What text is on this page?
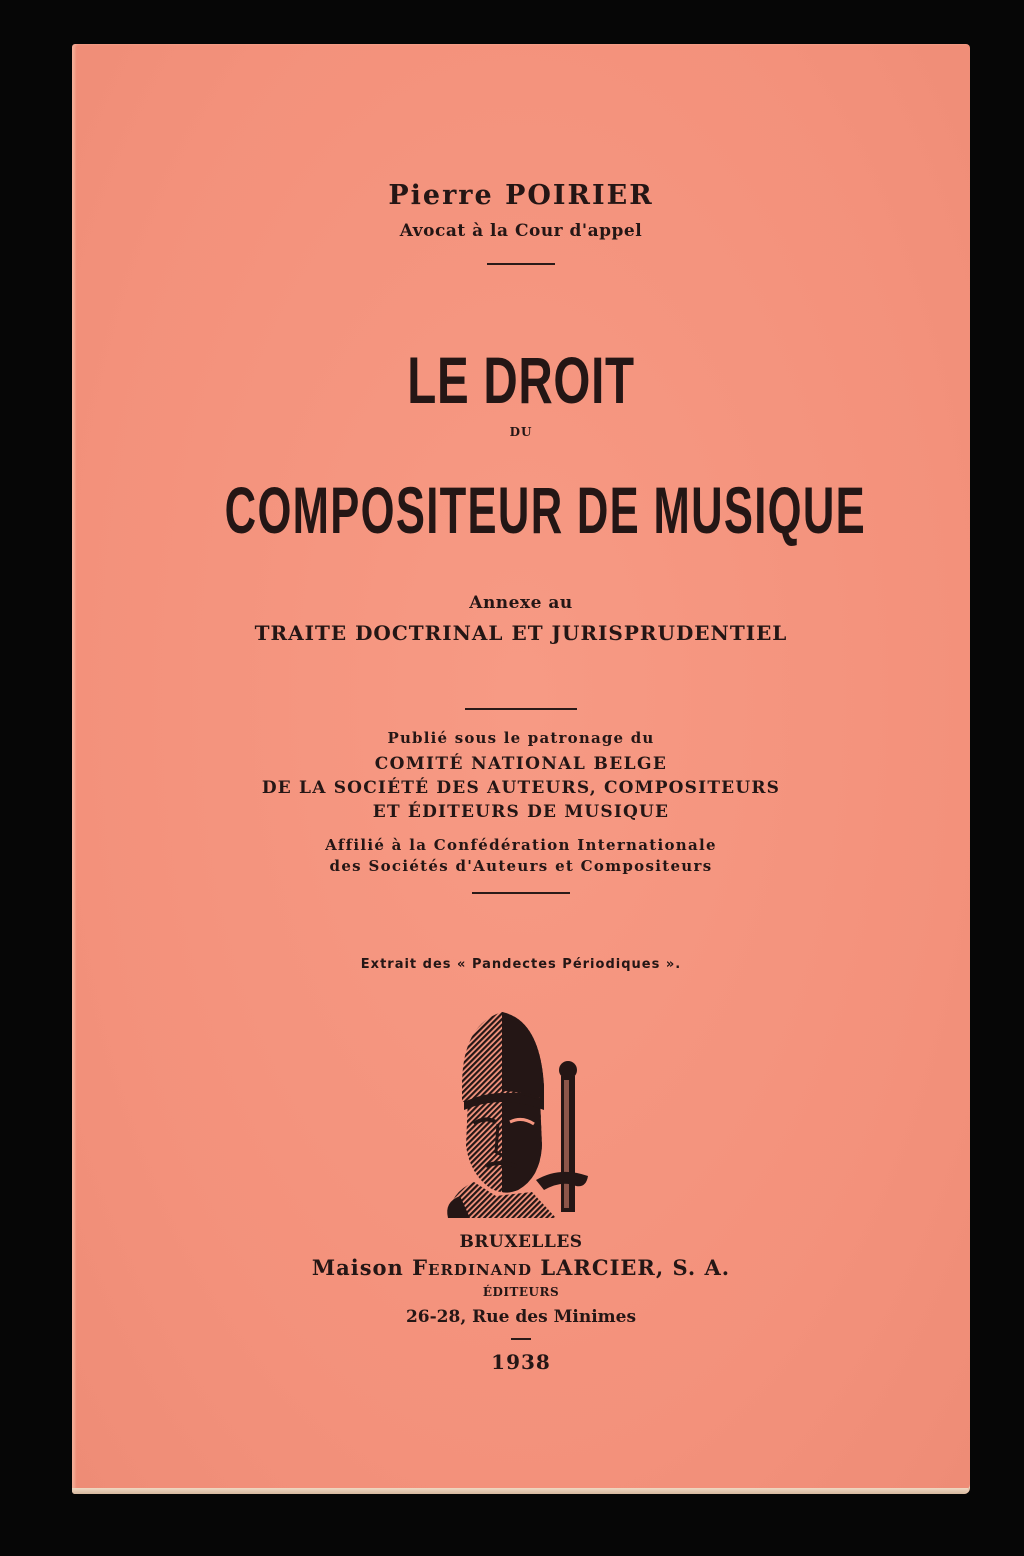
Pierre POIRIER
Avocat à la Cour d'appel
LE DROIT
DU
COMPOSITEUR DE MUSIQUE
Annexe au
TRAITE DOCTRINAL ET JURISPRUDENTIEL
Publié sous le patronage du
COMITÉ NATIONAL BELGE
DE LA SOCIÉTÉ DES AUTEURS, COMPOSITEURS
ET ÉDITEURS DE MUSIQUE
Affilié à la Confédération Internationale
des Sociétés d'Auteurs et Compositeurs
Extrait des « Pandectes Périodiques ».
BRUXELLES
Maison Ferdinand LARCIER, S. A.
ÉDITEURS
26-28, Rue des Minimes
1938
